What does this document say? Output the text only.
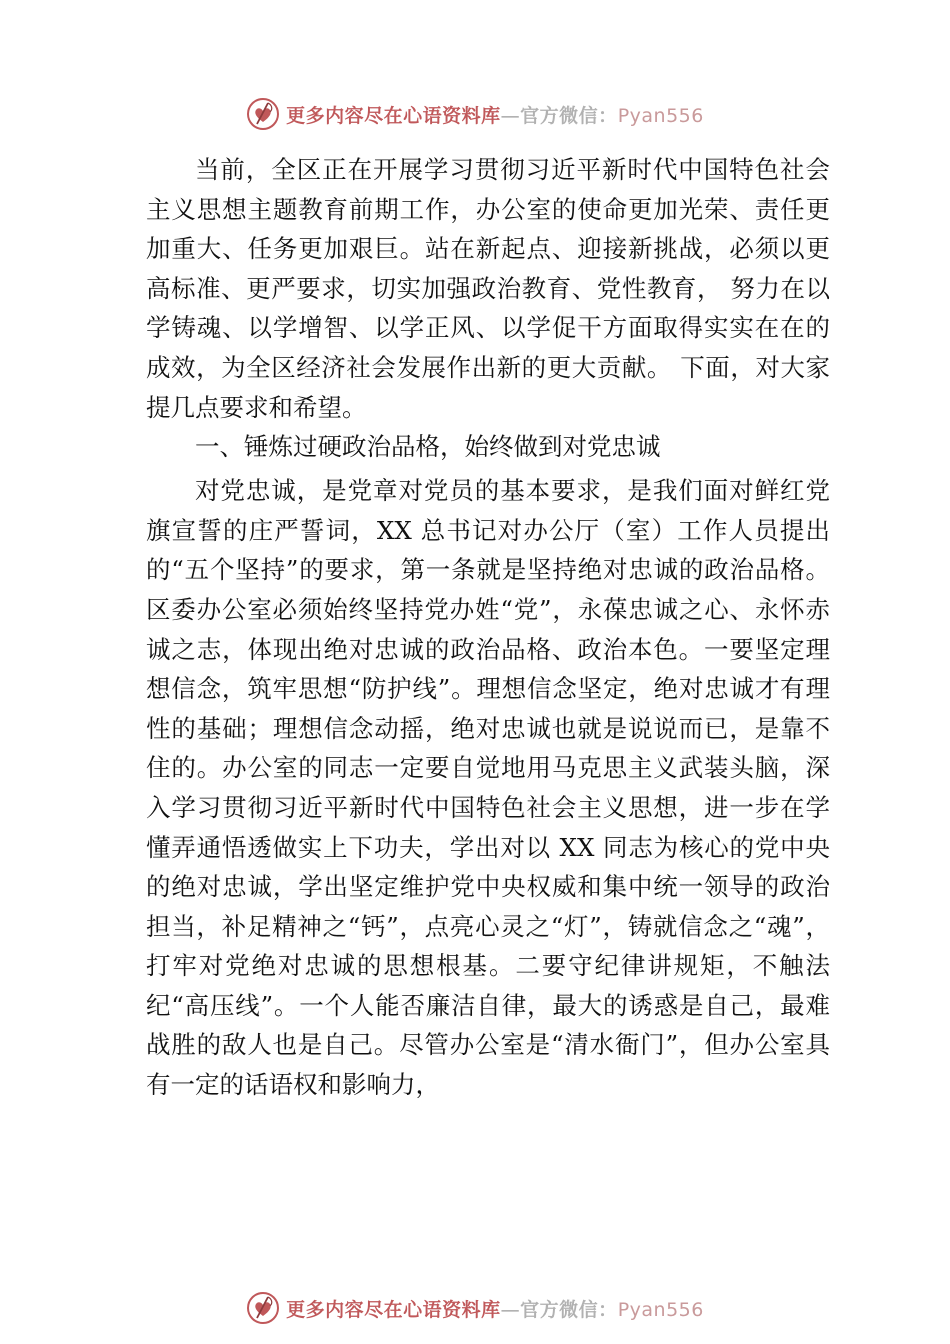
更多内容尽在心语资料库—官方微信：Pyan556

当前，全区正在开展学习贯彻习近平新时代中国特色社会主义思想主题教育前期工作，办公室的使命更加光荣、责任更加重大、任务更加艰巨。站在新起点、迎接新挑战，必须以更高标准、更严要求，切实加强政治教育、党性教育， 努力在以学铸魂、以学增智、以学正风、以学促干方面取得实实在在的成效，为全区经济社会发展作出新的更大贡献。 下面，对大家提几点要求和希望。

一、锤炼过硬政治品格，始终做到对党忠诚

对党忠诚，是党章对党员的基本要求，是我们面对鲜红党旗宣誓的庄严誓词，XX 总书记对办公厅（室）工作人员提出的“五个坚持”的要求，第一条就是坚持绝对忠诚的政治品格。区委办公室必须始终坚持党办姓“党”，永葆忠诚之心、永怀赤诚之志，体现出绝对忠诚的政治品格、政治本色。一要坚定理想信念，筑牢思想“防护线”。理想信念坚定，绝对忠诚才有理性的基础；理想信念动摇，绝对忠诚也就是说说而已，是靠不住的。办公室的同志一定要自觉地用马克思主义武装头脑，深入学习贯彻习近平新时代中国特色社会主义思想，进一步在学懂弄通悟透做实上下功夫，学出对以 XX 同志为核心的党中央的绝对忠诚，学出坚定维护党中央权威和集中统一领导的政治担当，补足精神之“钙”，点亮心灵之“灯”，铸就信念之“魂”，打牢对党绝对忠诚的思想根基。二要守纪律讲规矩，不触法纪“高压线”。一个人能否廉洁自律，最大的诱惑是自己，最难战胜的敌人也是自己。尽管办公室是“清水衙门”，但办公室具有一定的话语权和影响力，

更多内容尽在心语资料库—官方微信：Pyan556
